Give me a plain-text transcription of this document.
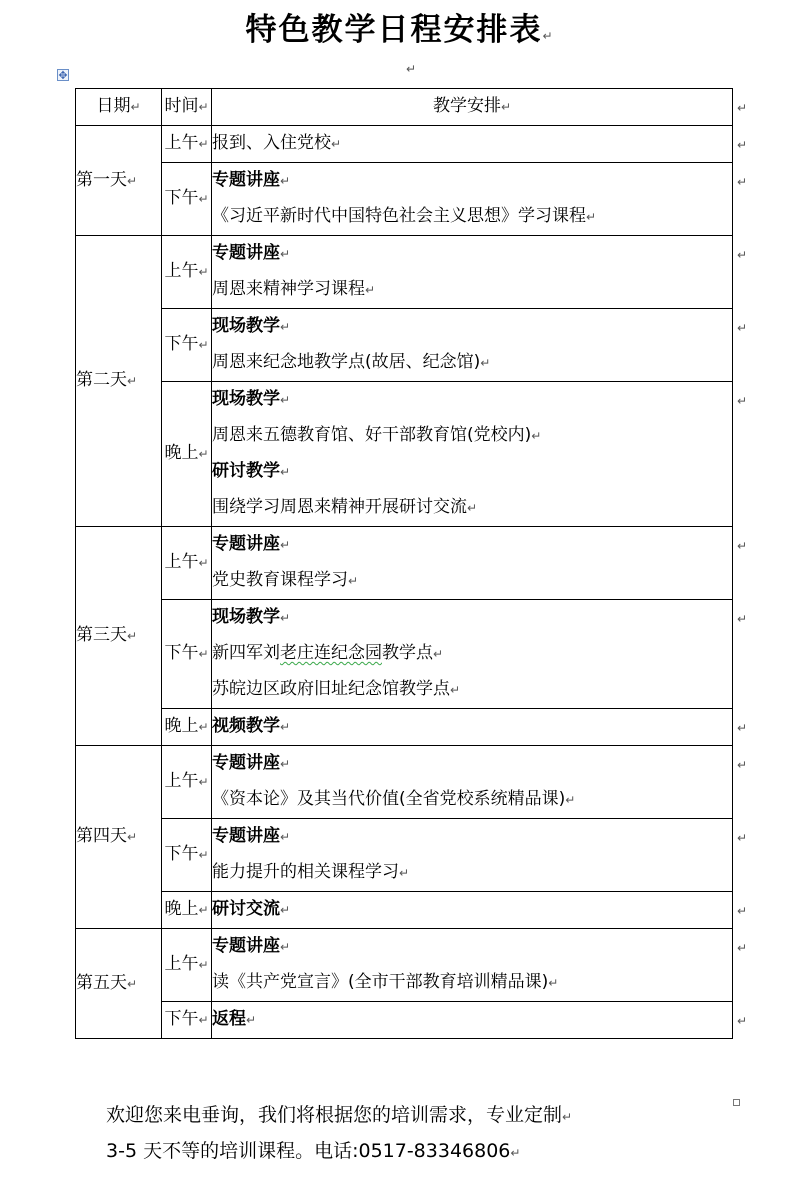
特色教学日程安排表↵
↵
✥
日期↵	时间↵	教学安排↵
第一天↵	上午↵	报到、入住党校↵

	下午↵	专题讲座↵
《习近平新时代中国特色社会主义思想》学习课程↵

第二天↵	上午↵	专题讲座↵
周恩来精神学习课程↵

	下午↵	现场教学↵
周恩来纪念地教学点(故居、纪念馆)↵

	晚上↵	现场教学↵
周恩来五德教育馆、好干部教育馆(党校内)↵
研讨教学↵
围绕学习周恩来精神开展研讨交流↵

第三天↵	上午↵	专题讲座↵
党史教育课程学习↵

	下午↵	现场教学↵
新四军刘老庄连纪念园教学点↵
苏皖边区政府旧址纪念馆教学点↵

	晚上↵	视频教学↵

第四天↵	上午↵	专题讲座↵
《资本论》及其当代价值(全省党校系统精品课)↵

	下午↵	专题讲座↵
能力提升的相关课程学习↵

	晚上↵	研讨交流↵

第五天↵	上午↵	专题讲座↵
读《共产党宣言》(全市干部教育培训精品课)↵

	下午↵	返程↵
↵
↵
↵
↵
↵
↵
↵
↵
↵
↵
↵
↵
↵
↵
欢迎您来电垂询，我们将根据您的培训需求，专业定制↵
3-5 天不等的培训课程。电话:0517-83346806↵
